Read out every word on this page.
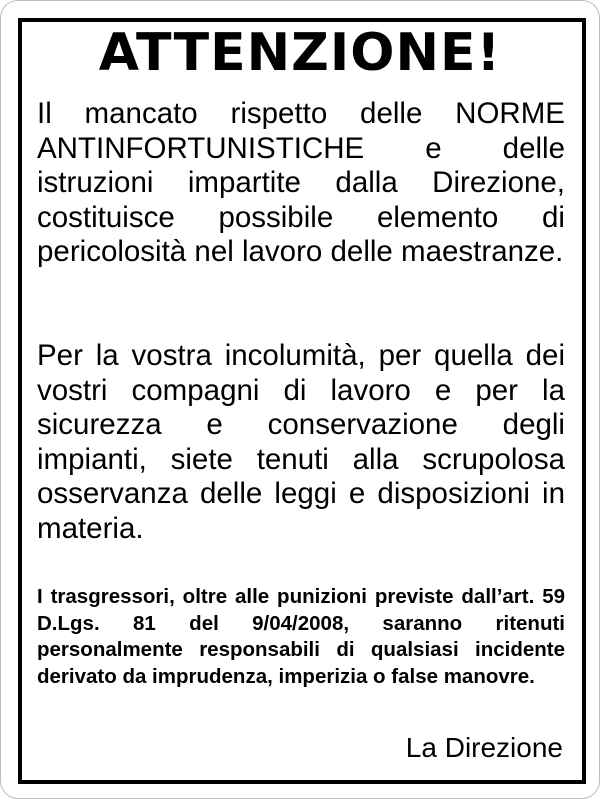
ATTENZIONE!

Il mancato rispetto delle NORME ANTINFORTUNISTICHE e delle istruzioni impartite dalla Direzione, costituisce possibile elemento di pericolosità nel lavoro delle maestranze.

Per la vostra incolumità, per quella dei vostri compagni di lavoro e per la sicurezza e conservazione degli impianti, siete tenuti alla scrupolosa osservanza delle leggi e disposizioni in materia.

I trasgressori, oltre alle punizioni previste dall’art. 59 D.Lgs. 81 del 9/04/2008, saranno ritenuti personalmente responsabili di qualsiasi incidente derivato da imprudenza, imperizia o false manovre.

La Direzione
